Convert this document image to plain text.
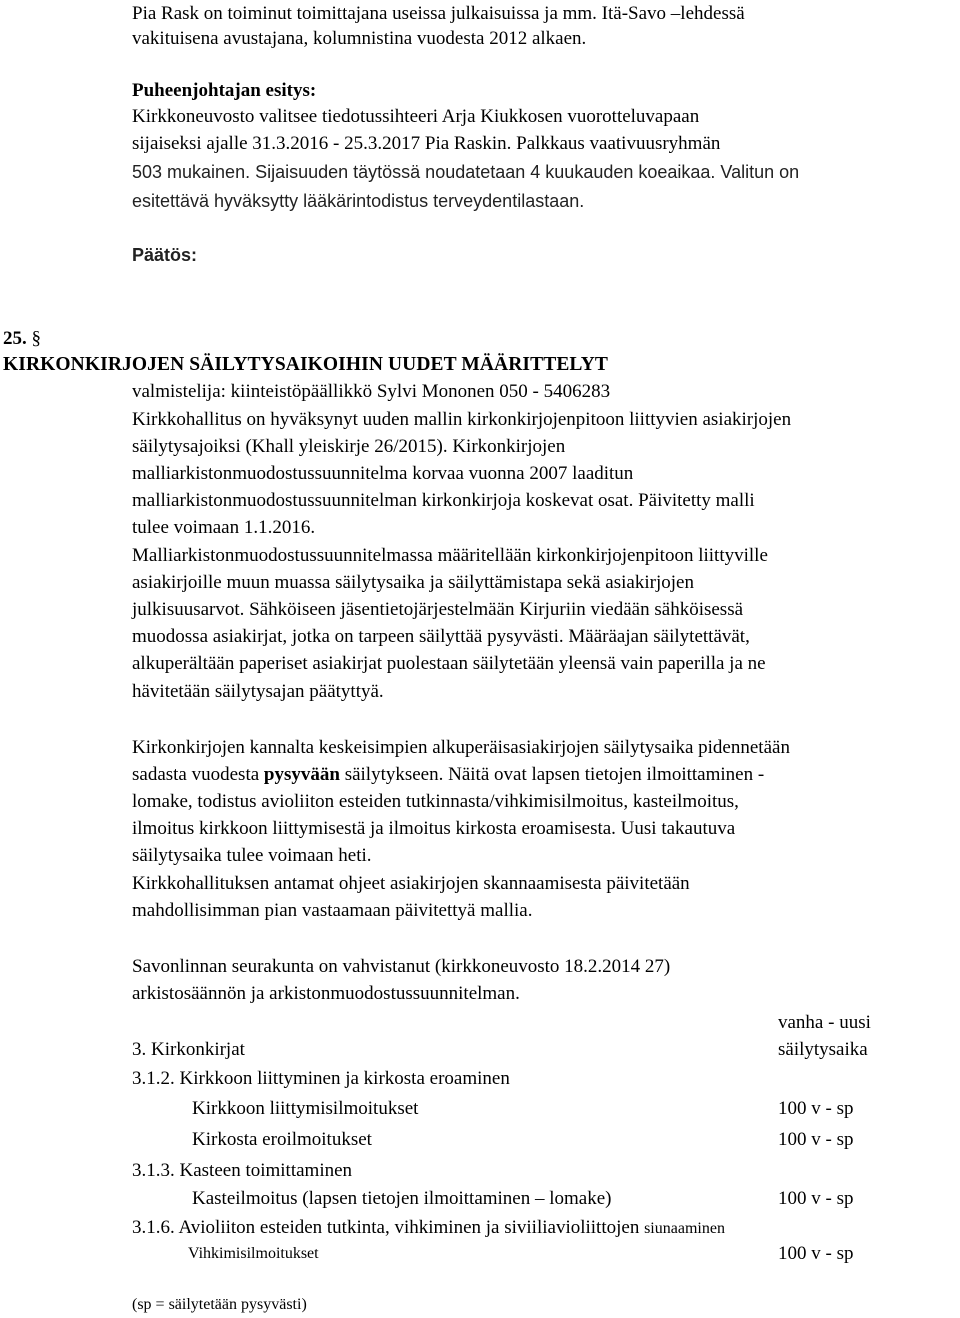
Pia Rask on toiminut toimittajana useissa julkaisuissa ja mm. Itä-Savo –lehdessä
vakituisena avustajana, kolumnistina vuodesta 2012 alkaen.
Puheenjohtajan esitys:
Kirkkoneuvosto valitsee tiedotussihteeri Arja Kiukkosen vuorotteluvapaan
sijaiseksi ajalle 31.3.2016 - 25.3.2017 Pia Raskin. Palkkaus vaativuusryhmän
503 mukainen. Sijaisuuden täytössä noudatetaan 4 kuukauden koeaikaa. Valitun on
esitettävä hyväksytty lääkärintodistus terveydentilastaan.
Päätös:
25. §
KIRKONKIRJOJEN SÄILYTYSAIKOIHIN UUDET MÄÄRITTELYT
valmistelija: kiinteistöpäällikkö Sylvi Mononen 050 - 5406283
Kirkkohallitus on hyväksynyt uuden mallin kirkonkirjojenpitoon liittyvien asiakirjojen
säilytysajoiksi (Khall yleiskirje 26/2015). Kirkonkirjojen
malliarkistonmuodostussuunnitelma korvaa vuonna 2007 laaditun
malliarkistonmuodostussuunnitelman kirkonkirjoja koskevat osat. Päivitetty malli
tulee voimaan 1.1.2016.
Malliarkistonmuodostussuunnitelmassa määritellään kirkonkirjojenpitoon liittyville
asiakirjoille muun muassa säilytysaika ja säilyttämistapa sekä asiakirjojen
julkisuusarvot. Sähköiseen jäsentietojärjestelmään Kirjuriin viedään sähköisessä
muodossa asiakirjat, jotka on tarpeen säilyttää pysyvästi. Määräajan säilytettävät,
alkuperältään paperiset asiakirjat puolestaan säilytetään yleensä vain paperilla ja ne
hävitetään säilytysajan päätyttyä.
Kirkonkirjojen kannalta keskeisimpien alkuperäisasiakirjojen säilytysaika pidennetään
sadasta vuodesta pysyvään säilytykseen. Näitä ovat lapsen tietojen ilmoittaminen -
lomake, todistus avioliiton esteiden tutkinnasta/vihkimisilmoitus, kasteilmoitus,
ilmoitus kirkkoon liittymisestä ja ilmoitus kirkosta eroamisesta. Uusi takautuva
säilytysaika tulee voimaan heti.
Kirkkohallituksen antamat ohjeet asiakirjojen skannaamisesta päivitetään
mahdollisimman pian vastaamaan päivitettyä mallia.
Savonlinnan seurakunta on vahvistanut (kirkkoneuvosto 18.2.2014 27)
arkistosäännön ja arkistonmuodostussuunnitelman.
vanha - uusi
3. Kirkonkirjat	säilytysaika
3.1.2. Kirkkoon liittyminen ja kirkosta eroaminen
Kirkkoon liittymisilmoitukset	100 v - sp
Kirkosta eroilmoitukset	100 v - sp
3.1.3. Kasteen toimittaminen
Kasteilmoitus (lapsen tietojen ilmoittaminen – lomake)	100 v - sp
3.1.6. Avioliiton esteiden tutkinta, vihkiminen ja siviiliavioliittojen siunaaminen
Vihkimisilmoitukset	100 v - sp
(sp = säilytetään pysyvästi)
